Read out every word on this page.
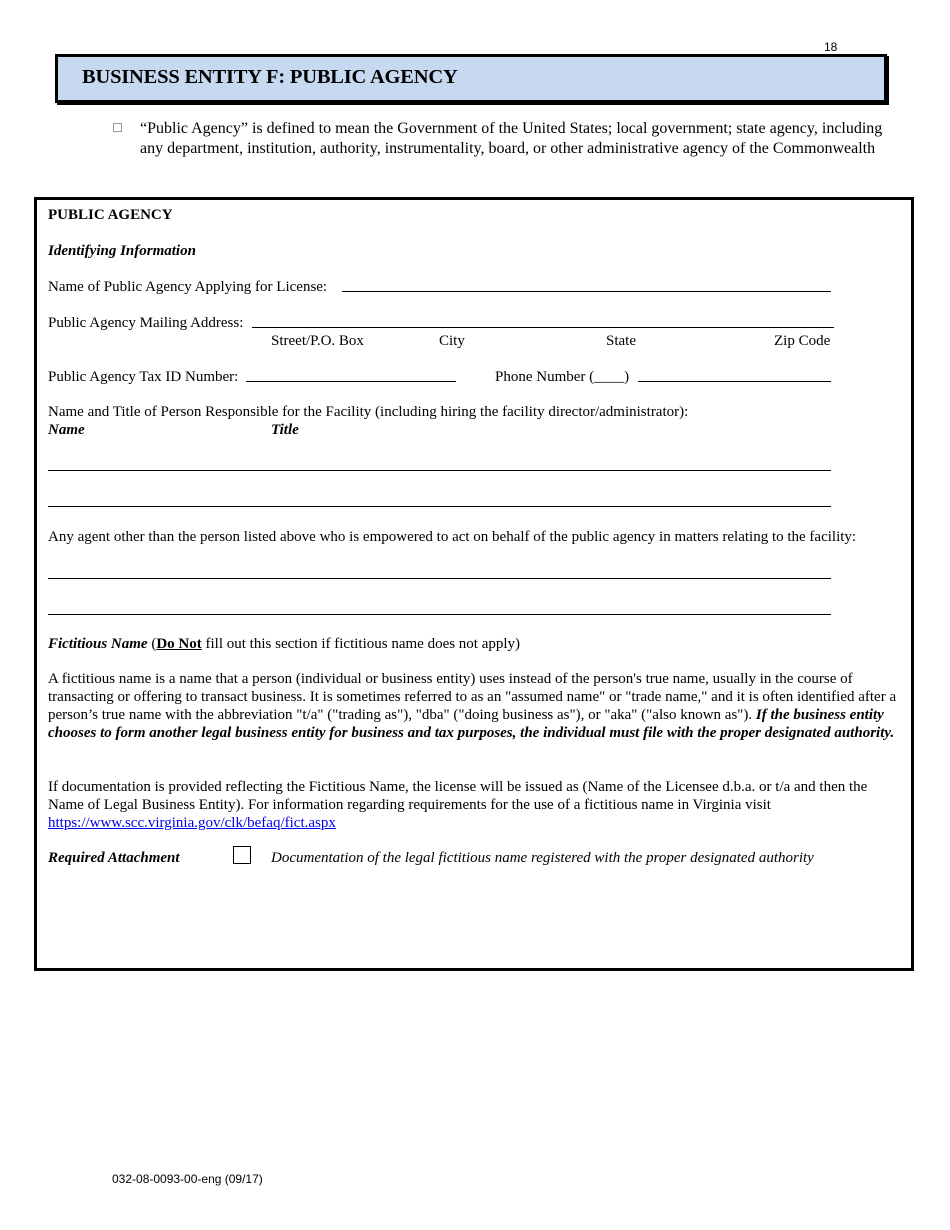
18
BUSINESS ENTITY F: PUBLIC AGENCY
“Public Agency” is defined to mean the Government of the United States; local government; state agency, including any department, institution, authority, instrumentality, board, or other administrative agency of the Commonwealth
PUBLIC AGENCY
Identifying Information
Name of Public Agency Applying for License:
Public Agency Mailing Address:
Street/P.O. Box	City	State	Zip Code
Public Agency Tax ID Number:	Phone Number (____)
Name and Title of Person Responsible for the Facility (including hiring the facility director/administrator):
Name	Title
Any agent other than the person listed above who is empowered to act on behalf of the public agency in matters relating to the facility:
Fictitious Name (Do Not fill out this section if fictitious name does not apply)
A fictitious name is a name that a person (individual or business entity) uses instead of the person's true name, usually in the course of transacting or offering to transact business. It is sometimes referred to as an "assumed name" or "trade name," and it is often identified after a person’s true name with the abbreviation "t/a" ("trading as"), "dba" ("doing business as"), or "aka" ("also known as"). If the business entity chooses to form another legal business entity for business and tax purposes, the individual must file with the proper designated authority.
If documentation is provided reflecting the Fictitious Name, the license will be issued as (Name of the Licensee d.b.a. or t/a and then the Name of Legal Business Entity). For information regarding requirements for the use of a fictitious name in Virginia visit
https://www.scc.virginia.gov/clk/befaq/fict.aspx
Required Attachment	Documentation of the legal fictitious name registered with the proper designated authority
032-08-0093-00-eng (09/17)
